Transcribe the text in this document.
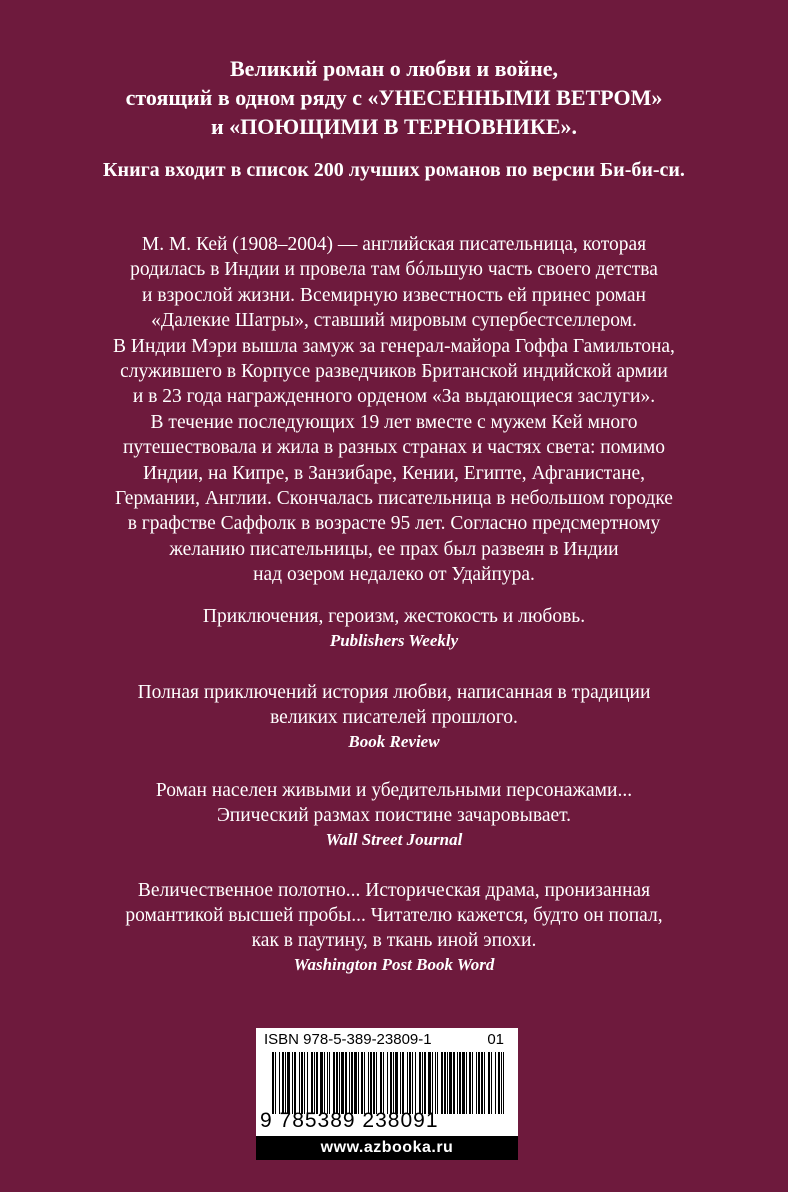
Великий роман о любви и войне,
стоящий в одном ряду с «УНЕСЕННЫМИ ВЕТРОМ»
и «ПОЮЩИМИ В ТЕРНОВНИКЕ».
Книга входит в список 200 лучших романов по версии Би-би-си.
М. М. Кей (1908–2004) — английская писательница, которая
родилась в Индии и провела там бóльшую часть своего детства
и взрослой жизни. Всемирную известность ей принес роман
«Далекие Шатры», ставший мировым супербестселлером.
В Индии Мэри вышла замуж за генерал-майора Гоффа Гамильтона,
служившего в Корпусе разведчиков Британской индийской армии
и в 23 года награжденного орденом «За выдающиеся заслуги».
В течение последующих 19 лет вместе с мужем Кей много
путешествовала и жила в разных странах и частях света: помимо
Индии, на Кипре, в Занзибаре, Кении, Египте, Афганистане,
Германии, Англии. Скончалась писательница в небольшом городке
в графстве Саффолк в возрасте 95 лет. Согласно предсмертному
желанию писательницы, ее прах был развеян в Индии
над озером недалеко от Удайпура.
Приключения, героизм, жестокость и любовь.
Publishers Weekly
Полная приключений история любви, написанная в традиции
великих писателей прошлого.
Book Review
Роман населен живыми и убедительными персонажами...
Эпический размах поистине зачаровывает.
Wall Street Journal
Величественное полотно... Историческая драма, пронизанная
романтикой высшей пробы... Читателю кажется, будто он попал,
как в паутину, в ткань иной эпохи.
Washington Post Book Word
ISBN 978-5-389-23809-1	01
9 785389 238091
www.azbooka.ru
